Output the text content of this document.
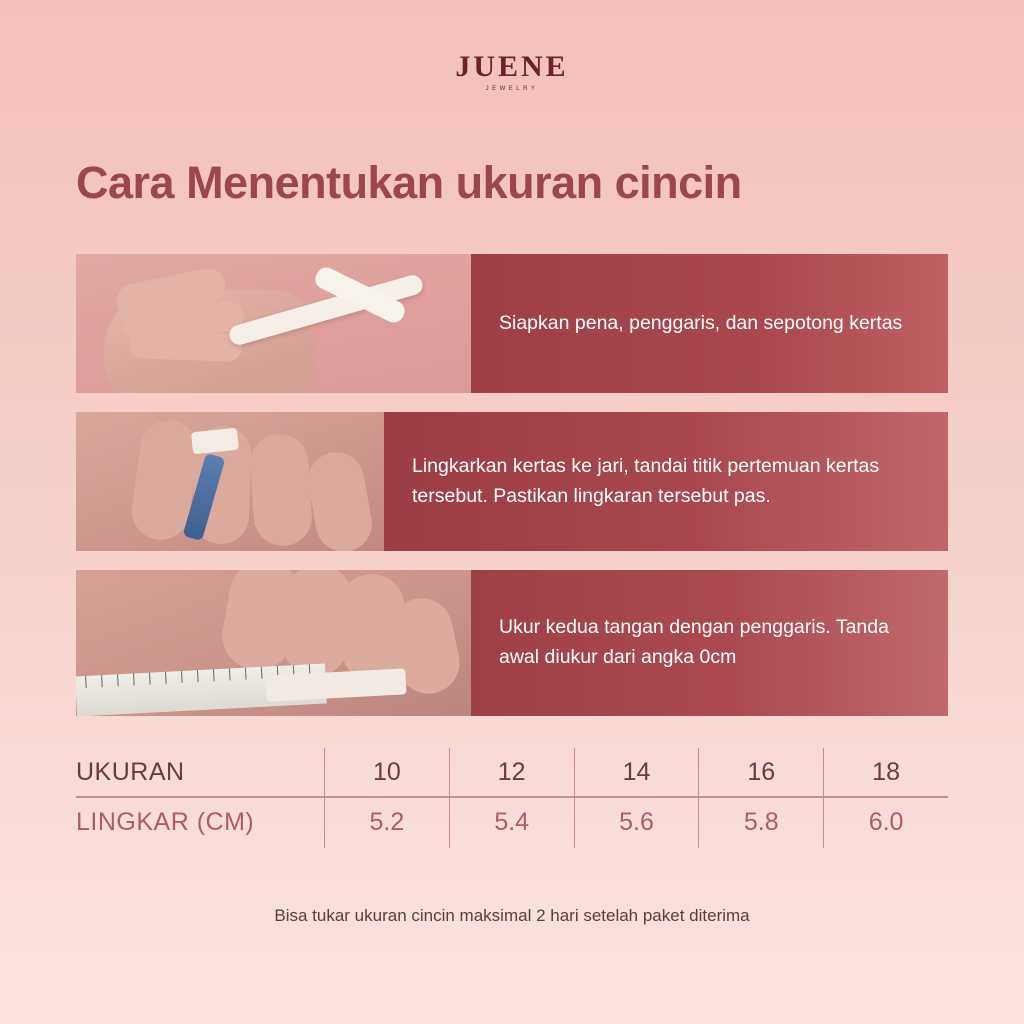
JUENE
JEWELRY
Cara Menentukan ukuran cincin
Siapkan pena, penggaris, dan sepotong kertas
Lingkarkan kertas ke jari, tandai titik pertemuan kertas tersebut. Pastikan lingkaran tersebut pas.
Ukur kedua tangan dengan penggaris. Tanda awal diukur dari angka 0cm
UKURAN	10	12	14	16	18
LINGKAR (CM)	5.2	5.4	5.6	5.8	6.0
Bisa tukar ukuran cincin maksimal 2 hari setelah paket diterima
